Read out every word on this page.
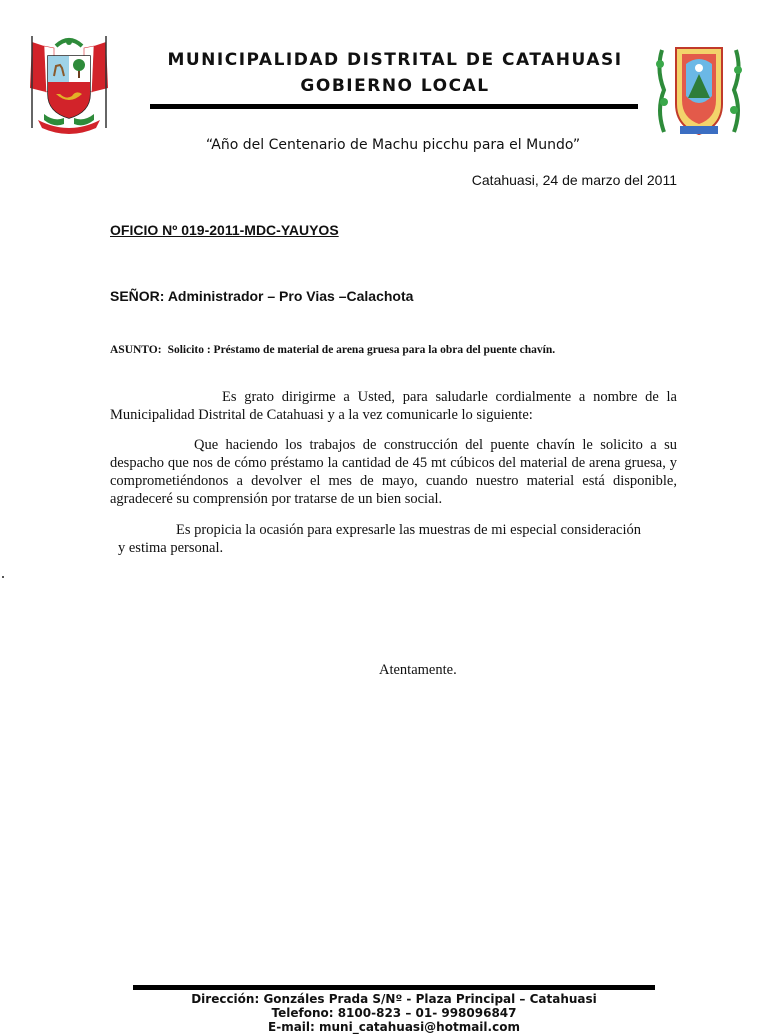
MUNICIPALIDAD DISTRITAL DE CATAHUASI
GOBIERNO LOCAL
“Año del Centenario de Machu picchu para el Mundo”
Catahuasi, 24 de marzo del 2011
OFICIO Nº 019-2011-MDC-YAUYOS
SEÑOR: Administrador – Pro Vias –Calachota
ASUNTO: Solicito : Préstamo de material de arena gruesa para la obra del puente chavín.
Es grato dirigirme a Usted, para saludarle cordialmente a nombre de la Municipalidad Distrital de Catahuasi y a la vez comunicarle lo siguiente:
Que haciendo los trabajos de construcción del puente chavín le solicito a su despacho que nos de cómo préstamo la cantidad de 45 mt cúbicos del material de arena gruesa, y comprometiéndonos a devolver el mes de mayo, cuando nuestro material está disponible, agradeceré su comprensión por tratarse de un bien social.
Es propicia la ocasión para expresarle las muestras de mi especial consideración
y estima personal.
Atentamente.
Dirección: Gonzáles Prada S/Nº - Plaza Principal – Catahuasi
Telefono: 8100-823 – 01- 998096847
E-mail: muni_catahuasi@hotmail.com
